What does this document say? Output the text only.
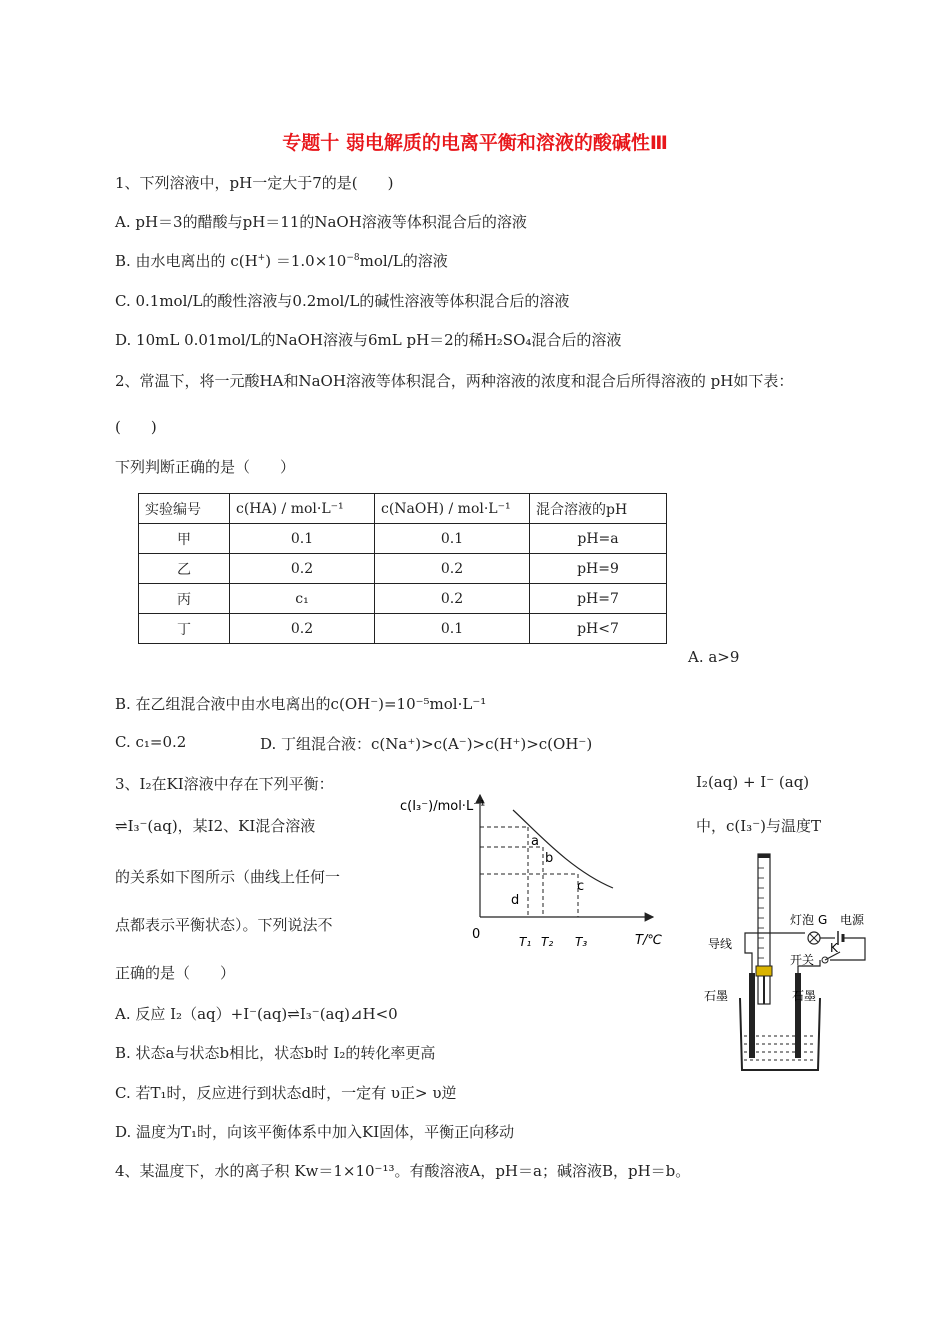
专题十 弱电解质的电离平衡和溶液的酸碱性Ⅲ
1、下列溶液中，pH一定大于7的是(　　)
A. pH＝3的醋酸与pH＝11的NaOH溶液等体积混合后的溶液
B. 由水电离出的 $c(H^+) =1.0\times 10^{-8}mol/L$的溶液
C. 0.1mol/L的酸性溶液与0.2mol/L的碱性溶液等体积混合后的溶液
D. 10mL 0.01mol/L的NaOH溶液与6mL pH＝2的稀H₂SO₄混合后的溶液
2、常温下，将一元酸HA和NaOH溶液等体积混合，两种溶液的浓度和混合后所得溶液的 pH如下表：
(　　)
下列判断正确的是（　　）
实验编号	c(HA) / mol·L⁻¹	c(NaOH) / mol·L⁻¹	混合溶液的pH
甲	0.1	0.1	pH=a
乙	0.2	0.2	pH=9
丙	c₁	0.2	pH=7
丁	0.2	0.1	pH<7
A. a>9
B. 在乙组混合液中由水电离出的c(OH⁻)=10⁻⁵mol·L⁻¹
C. c₁=0.2	D. 丁组混合液：c(Na⁺)>c(A⁻)>c(H⁺)>c(OH⁻)
3、I₂在KI溶液中存在下列平衡：	I₂(aq) + I⁻ (aq)
⇌I₃⁻(aq)，某I2、KI混合溶液	中，c(I₃⁻)与温度T
的关系如下图所示（曲线上任何一
点都表示平衡状态）。下列说法不
正确的是（　　）
A. 反应 I₂（aq）+I⁻(aq)⇌I₃⁻(aq)⊿H<0
B. 状态a与状态b相比，状态b时 I₂的转化率更高
C. 若T₁时，反应进行到状态d时，一定有 υ正> υ逆
D. 温度为T₁时，向该平衡体系中加入KI固体，平衡正向移动
4、某温度下，水的离子积 Kw＝1×10⁻¹³。有酸溶液A，pH＝a；碱溶液B，pH＝b。
c(I₃⁻)/mol·L⁻¹
a
b
c
d
0	T₁ T₂ T₃	T/℃
灯泡 G 电源
导线
开关
K
石墨	石墨
